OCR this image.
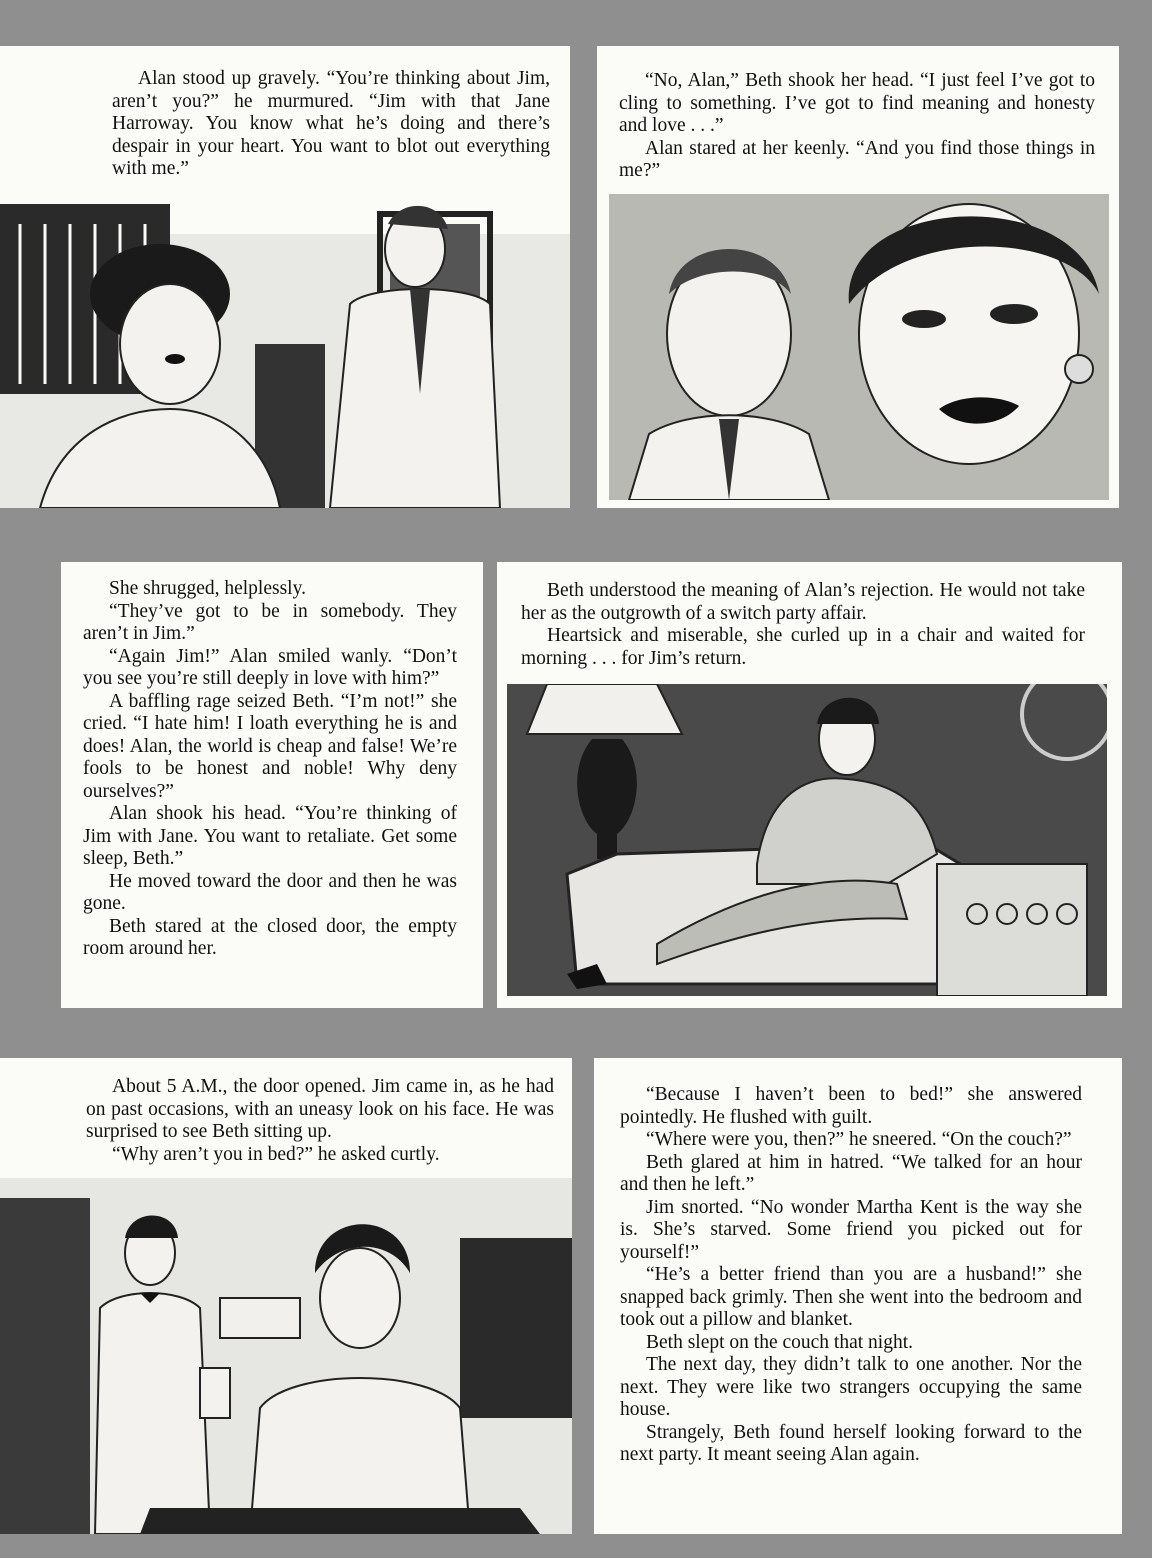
Alan stood up gravely. “You’re thinking about Jim, aren’t you?” he murmured. “Jim with that Jane Harroway. You know what he’s doing and there’s despair in your heart. You want to blot out everything with me.”

“No, Alan,” Beth shook her head. “I just feel I’ve got to cling to something. I’ve got to find meaning and honesty and love . . .”

Alan stared at her keenly. “And you find those things in me?”

She shrugged, helplessly.

“They’ve got to be in somebody. They aren’t in Jim.”

“Again Jim!” Alan smiled wanly. “Don’t you see you’re still deeply in love with him?”

A baffling rage seized Beth. “I’m not!” she cried. “I hate him! I loath everything he is and does! Alan, the world is cheap and false! We’re fools to be honest and noble! Why deny ourselves?”

Alan shook his head. “You’re thinking of Jim with Jane. You want to retaliate. Get some sleep, Beth.”

He moved toward the door and then he was gone.

Beth stared at the closed door, the empty room around her.

Beth understood the meaning of Alan’s rejection. He would not take her as the outgrowth of a switch party affair.

Heartsick and miserable, she curled up in a chair and waited for morning . . . for Jim’s return.

About 5 A.M., the door opened. Jim came in, as he had on past occasions, with an uneasy look on his face. He was surprised to see Beth sitting up.

“Why aren’t you in bed?” he asked curtly.

“Because I haven’t been to bed!” she answered pointedly. He flushed with guilt.

“Where were you, then?” he sneered. “On the couch?”

Beth glared at him in hatred. “We talked for an hour and then he left.”

Jim snorted. “No wonder Martha Kent is the way she is. She’s starved. Some friend you picked out for yourself!”

“He’s a better friend than you are a husband!” she snapped back grimly. Then she went into the bedroom and took out a pillow and blanket.

Beth slept on the couch that night.

The next day, they didn’t talk to one another. Nor the next. They were like two strangers occupying the same house.

Strangely, Beth found herself looking forward to the next party. It meant seeing Alan again.
